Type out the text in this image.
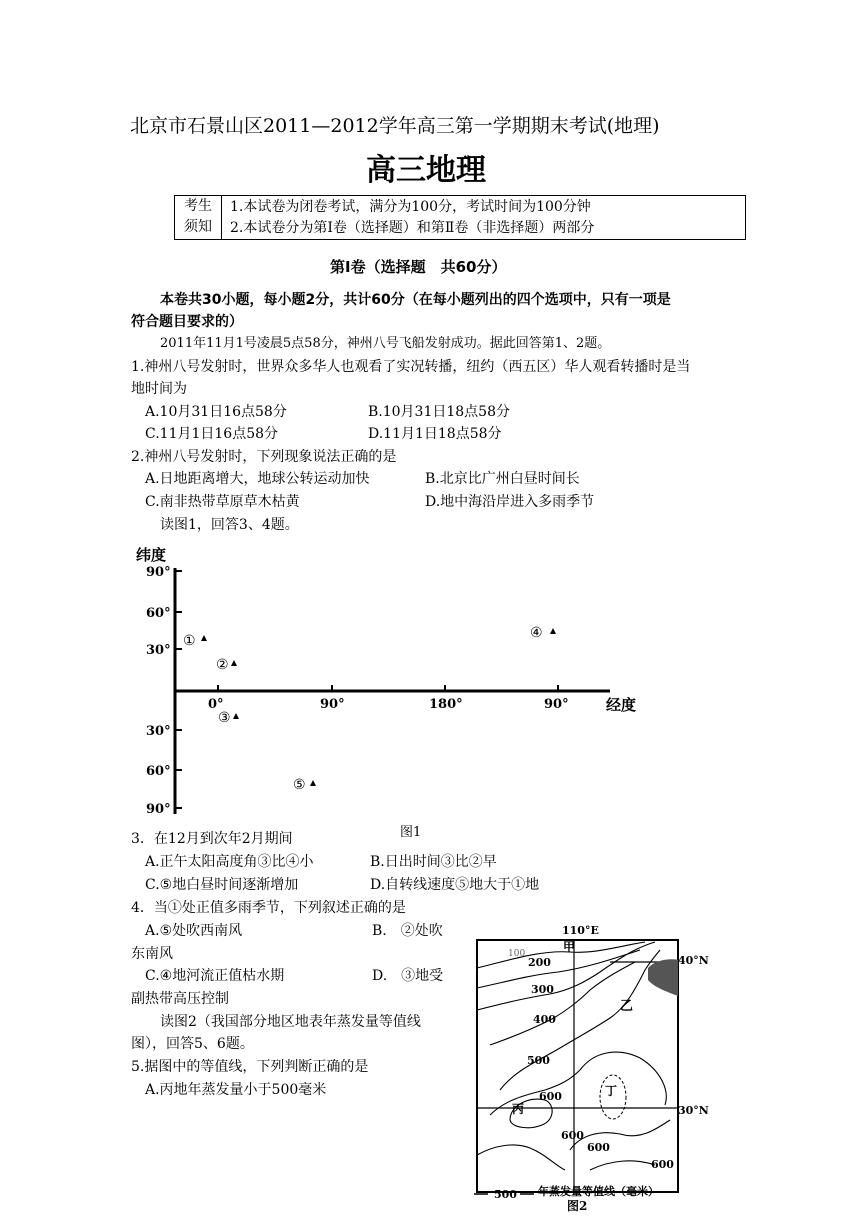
北京市石景山区2011—2012学年高三第一学期期末考试(地理)
高三地理
考生
须知
1.本试卷为闭卷考试，满分为100分，考试时间为100分钟
2.本试卷分为第Ⅰ卷（选择题）和第Ⅱ卷（非选择题）两部分
第Ⅰ卷（选择题　共60分）
本卷共30小题，每小题2分，共计60分（在每小题列出的四个选项中，只有一项是
符合题目要求的）
2011年11月1号凌晨5点58分，神州八号飞船发射成功。据此回答第1、2题。
1.神州八号发射时，世界众多华人也观看了实况转播，纽约（西五区）华人观看转播时是当
地时间为
A.10月31日16点58分	B.10月31日18点58分
C.11月1日16点58分	D.11月1日18点58分
2.神州八号发射时，下列现象说法正确的是
A.日地距离增大，地球公转运动加快	B.北京比广州白昼时间长
C.南非热带草原草木枯黄	D.地中海沿岸进入多雨季节
读图1，回答3、4题。
纬度
经度
90°
60°
30°
30°
60°
90°
0°	90°	180°	90°
①
②
③
④
⑤
图1
3．在12月到次年2月期间
A.正午太阳高度角③比④小	B.日出时间③比②早
C.⑤地白昼时间逐渐增加	D.自转线速度⑤地大于①地
4．当①处正值多雨季节，下列叙述正确的是
A.⑤处吹西南风	B.　②处吹
东南风
C.④地河流正值枯水期	D.　③地受
副热带高压控制
读图2（我国部分地区地表年蒸发量等值线
图），回答5、6题。
5.据图中的等值线，下列判断正确的是
A.丙地年蒸发量小于500毫米
110°E
甲
40°N
30°N
乙
丙
丁
100
200
300
400
500
600
600
600
600
500 年蒸发量等值线（毫米）
图2
